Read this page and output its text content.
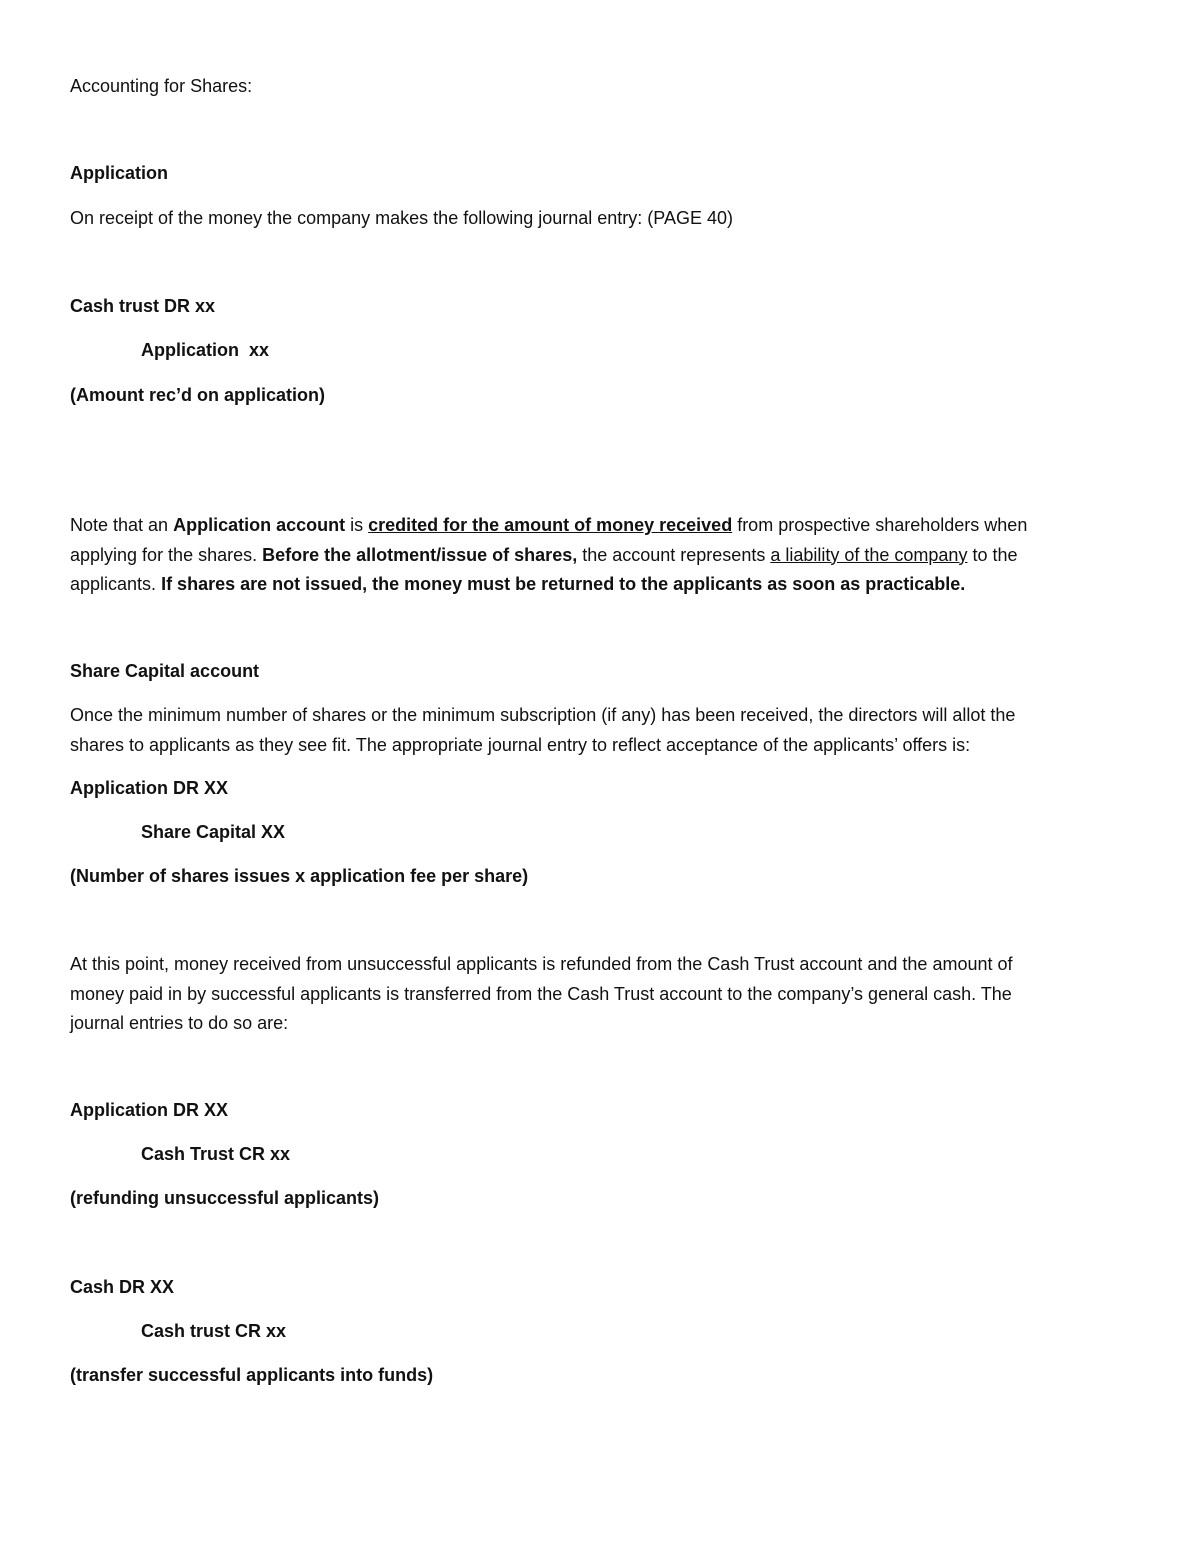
Accounting for Shares:
Application
On receipt of the money the company makes the following journal entry: (PAGE 40)
Cash trust DR xx
Application  xx
(Amount rec’d on application)
Note that an Application account is credited for the amount of money received from prospective shareholders when
applying for the shares. Before the allotment/issue of shares, the account represents a liability of the company to the
applicants. If shares are not issued, the money must be returned to the applicants as soon as practicable.
Share Capital account
Once the minimum number of shares or the minimum subscription (if any) has been received, the directors will allot the
shares to applicants as they see fit. The appropriate journal entry to reflect acceptance of the applicants’ offers is:
Application DR XX
Share Capital XX
(Number of shares issues x application fee per share)
At this point, money received from unsuccessful applicants is refunded from the Cash Trust account and the amount of
money paid in by successful applicants is transferred from the Cash Trust account to the company’s general cash. The
journal entries to do so are:
Application DR XX
Cash Trust CR xx
(refunding unsuccessful applicants)
Cash DR XX
Cash trust CR xx
(transfer successful applicants into funds)
